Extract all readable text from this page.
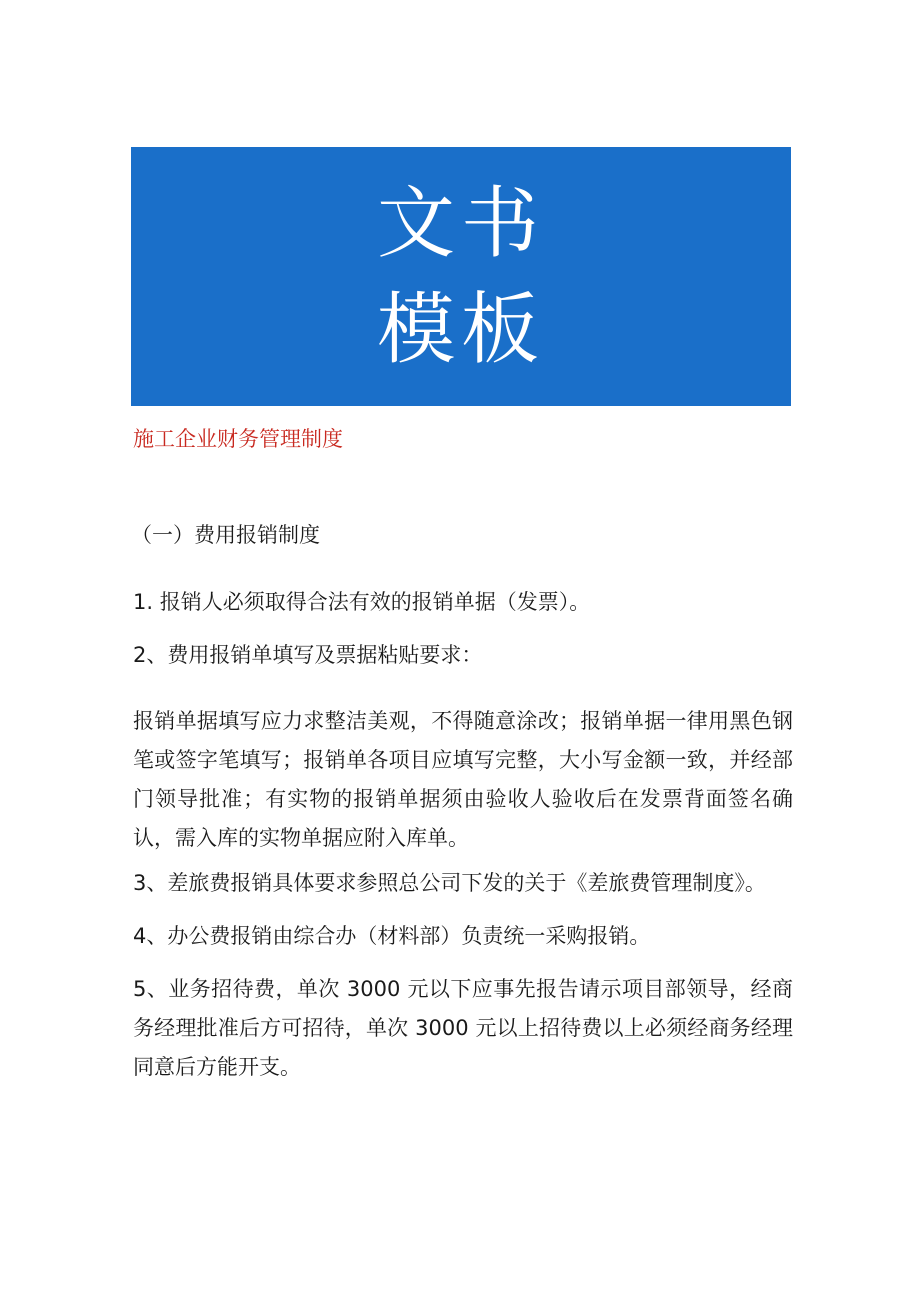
文书
模板
施工企业财务管理制度
（一）费用报销制度
1. 报销人必须取得合法有效的报销单据（发票）。
2、费用报销单填写及票据粘贴要求：
报销单据填写应力求整洁美观，不得随意涂改；报销单据一律用黑色钢笔或签字笔填写；报销单各项目应填写完整，大小写金额一致，并经部门领导批准；有实物的报销单据须由验收人验收后在发票背面签名确认，需入库的实物单据应附入库单。
3、差旅费报销具体要求参照总公司下发的关于《差旅费管理制度》。
4、办公费报销由综合办（材料部）负责统一采购报销。
5、业务招待费，单次 3000 元以下应事先报告请示项目部领导，经商务经理批准后方可招待，单次 3000 元以上招待费以上必须经商务经理同意后方能开支。
